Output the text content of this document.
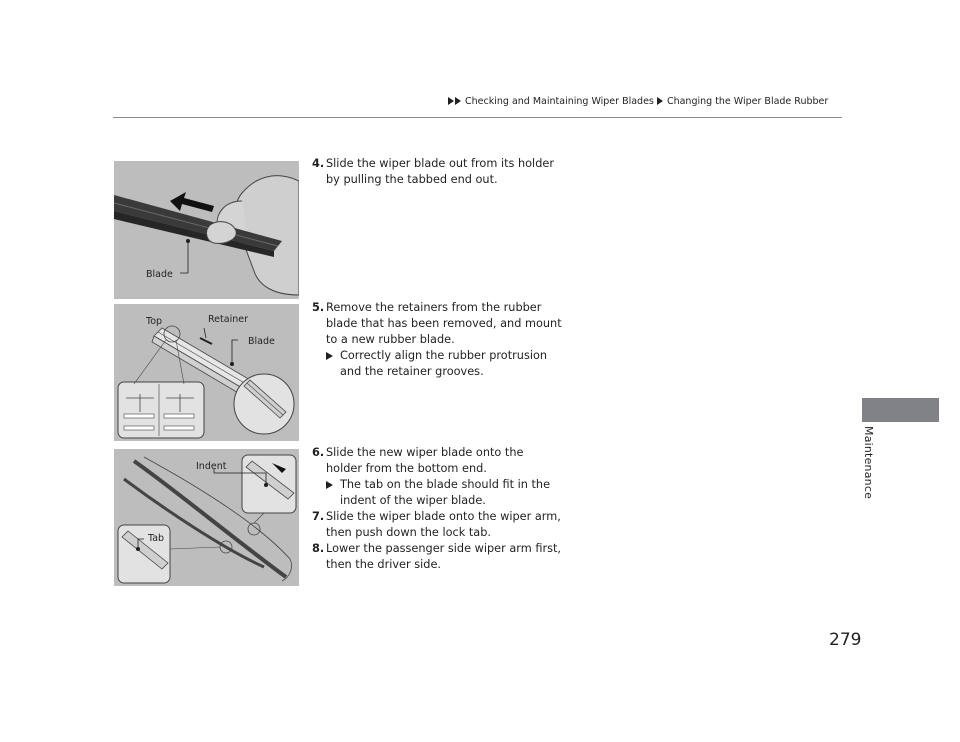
Checking and Maintaining Wiper Blades Changing the Wiper Blade Rubber
Maintenance
Blade
Top	Retainer
Blade
Indent
Tab
4. Slide the wiper blade out from its holder by pulling the tabbed end out.
5. Remove the retainers from the rubber blade that has been removed, and mount to a new rubber blade.
Correctly align the rubber protrusion and the retainer grooves.
6. Slide the new wiper blade onto the holder from the bottom end.
The tab on the blade should fit in the indent of the wiper blade.
7. Slide the wiper blade onto the wiper arm, then push down the lock tab.
8. Lower the passenger side wiper arm first, then the driver side.
279
